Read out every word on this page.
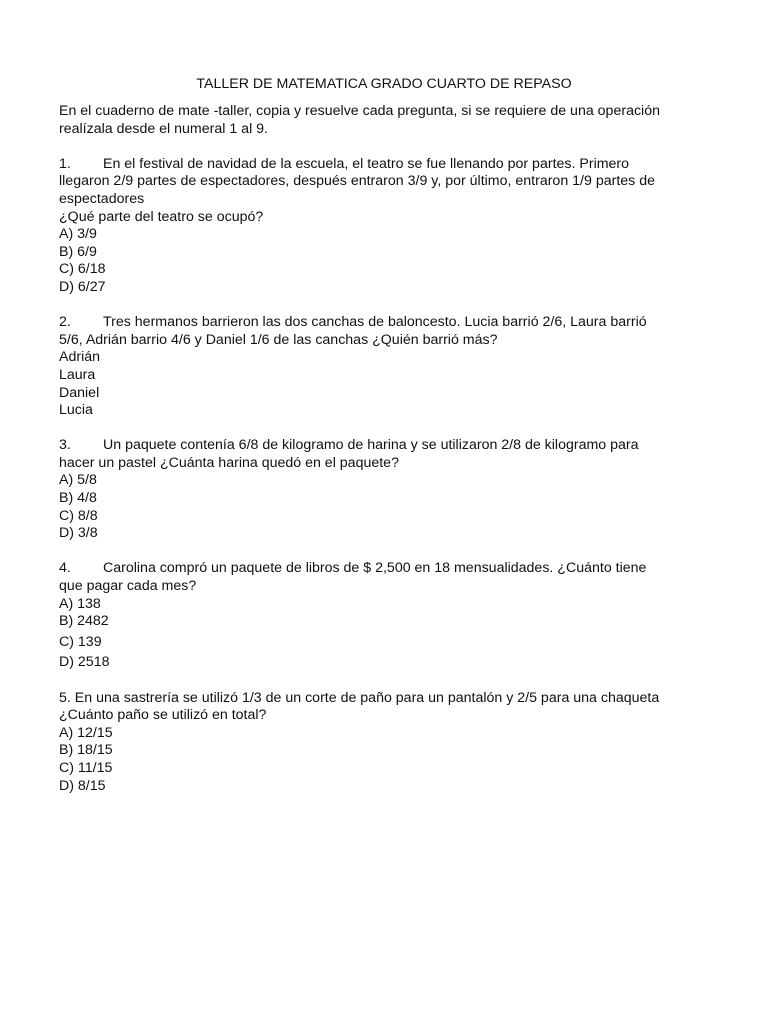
TALLER DE MATEMATICA GRADO CUARTO DE REPASO
En el cuaderno de mate -taller, copia y resuelve cada pregunta, si se requiere de una operación
realízala desde el numeral 1 al 9.
1. En el festival de navidad de la escuela, el teatro se fue llenando por partes. Primero
llegaron 2/9 partes de espectadores, después entraron 3/9 y, por último, entraron 1/9 partes de
espectadores
¿Qué parte del teatro se ocupó?
A) 3/9
B) 6/9
C) 6/18
D) 6/27
2. Tres hermanos barrieron las dos canchas de baloncesto. Lucia barrió 2/6, Laura barrió
5/6, Adrián barrio 4/6 y Daniel 1/6 de las canchas ¿Quién barrió más?
Adrián
Laura
Daniel
Lucia
3. Un paquete contenía 6/8 de kilogramo de harina y se utilizaron 2/8 de kilogramo para
hacer un pastel ¿Cuánta harina quedó en el paquete?
A) 5/8
B) 4/8
C) 8/8
D) 3/8
4. Carolina compró un paquete de libros de $ 2,500 en 18 mensualidades. ¿Cuánto tiene
que pagar cada mes?
A) 138
B) 2482
C) 139
D) 2518
5. En una sastrería se utilizó 1/3 de un corte de paño para un pantalón y 2/5 para una chaqueta
¿Cuánto paño se utilizó en total?
A) 12/15
B) 18/15
C) 11/15
D) 8/15
